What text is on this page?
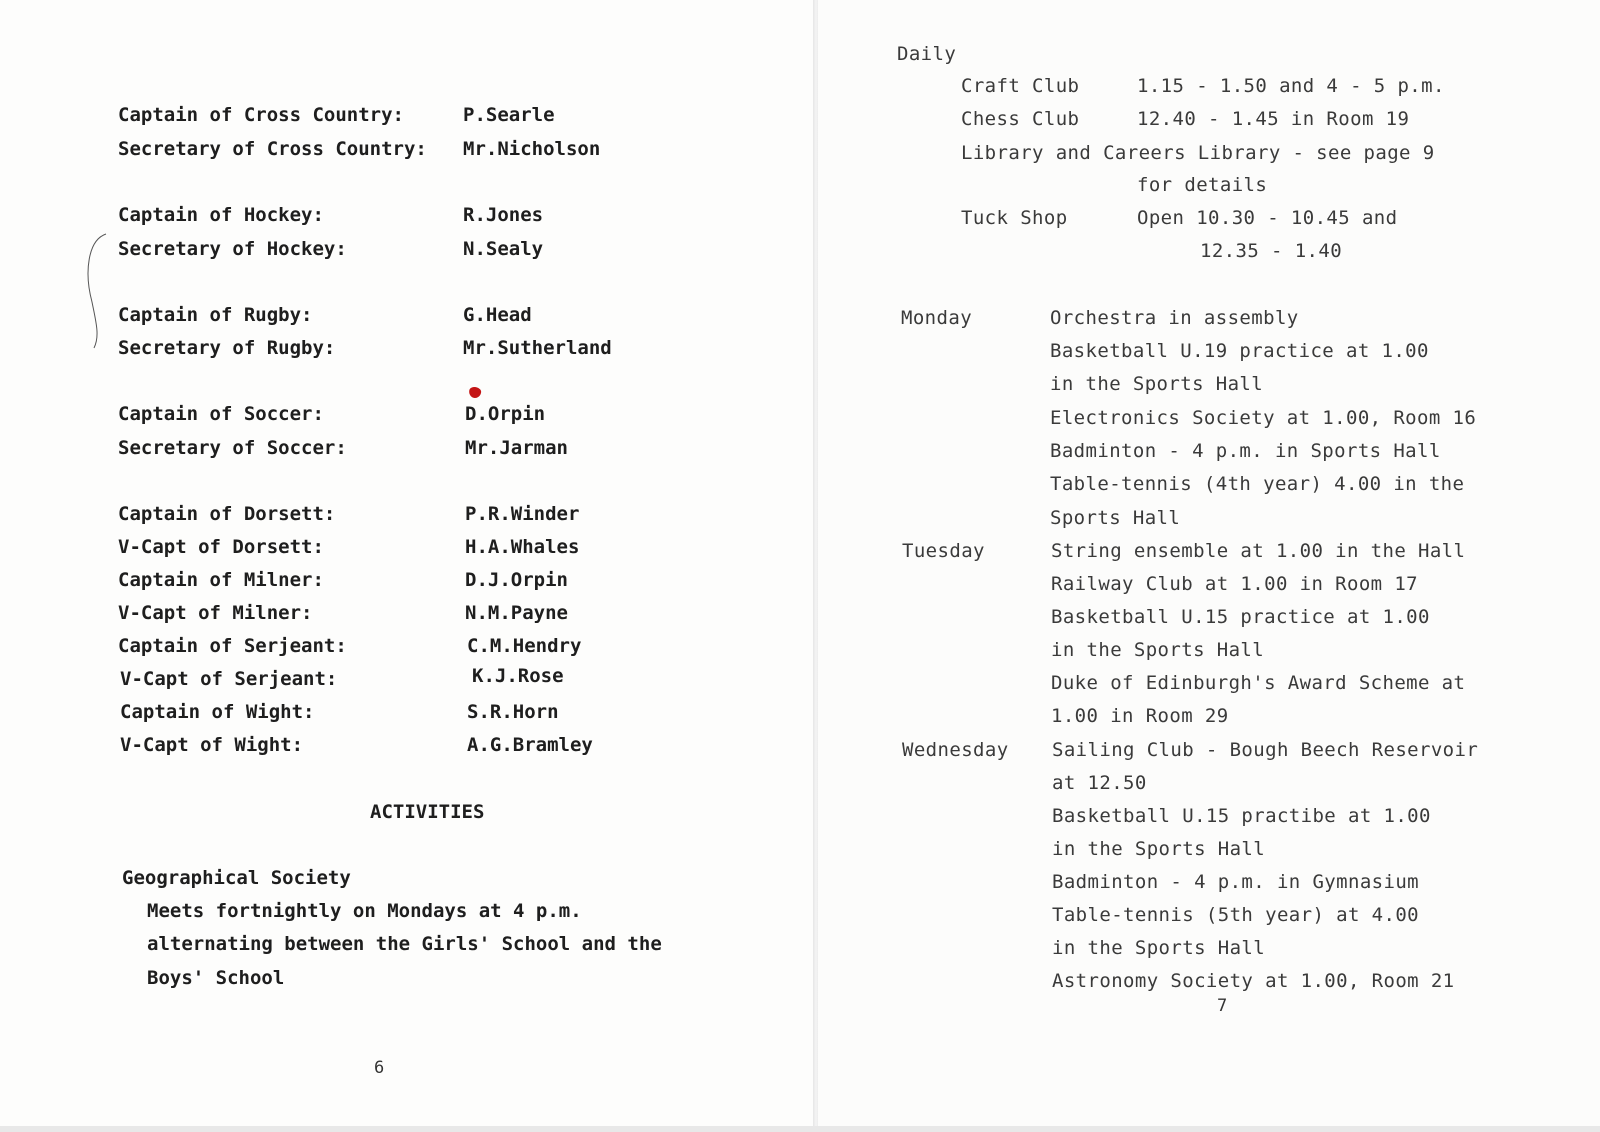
Captain of Cross Country:	P.Searle
Secretary of Cross Country: Mr.Nicholson
Captain of Hockey:	R.Jones
Secretary of Hockey:	N.Sealy
Captain of Rugby:	G.Head
Secretary of Rugby:	Mr.Sutherland
Captain of Soccer:	D.Orpin
Secretary of Soccer:	Mr.Jarman
Captain of Dorsett:	P.R.Winder
V-Capt of Dorsett:	H.A.Whales
Captain of Milner:	D.J.Orpin
V-Capt of Milner:	N.M.Payne
Captain of Serjeant:	C.M.Hendry
V-Capt of Serjeant:	K.J.Rose
Captain of Wight:	S.R.Horn
V-Capt of Wight:	A.G.Bramley
ACTIVITIES
Geographical Society
Meets fortnightly on Mondays at 4 p.m.
alternating between the Girls' School and the
Boys' School
6
Daily
Craft Club	1.15 - 1.50 and 4 - 5 p.m.
Chess Club	12.40 - 1.45 in Room 19
Library and Careers Library - see page 9
for details
Tuck Shop	Open 10.30 - 10.45 and
12.35 - 1.40
Monday	Orchestra in assembly
Basketball U.19 practice at 1.00
in the Sports Hall
Electronics Society at 1.00, Room 16
Badminton - 4 p.m. in Sports Hall
Table-tennis (4th year) 4.00 in the
Sports Hall
Tuesday	String ensemble at 1.00 in the Hall
Railway Club at 1.00 in Room 17
Basketball U.15 practice at 1.00
in the Sports Hall
Duke of Edinburgh's Award Scheme at
1.00 in Room 29
Wednesday Sailing Club - Bough Beech Reservoir
at 12.50
Basketball U.15 practibe at 1.00
in the Sports Hall
Badminton - 4 p.m. in Gymnasium
Table-tennis (5th year) at 4.00
in the Sports Hall
Astronomy Society at 1.00, Room 21
7
